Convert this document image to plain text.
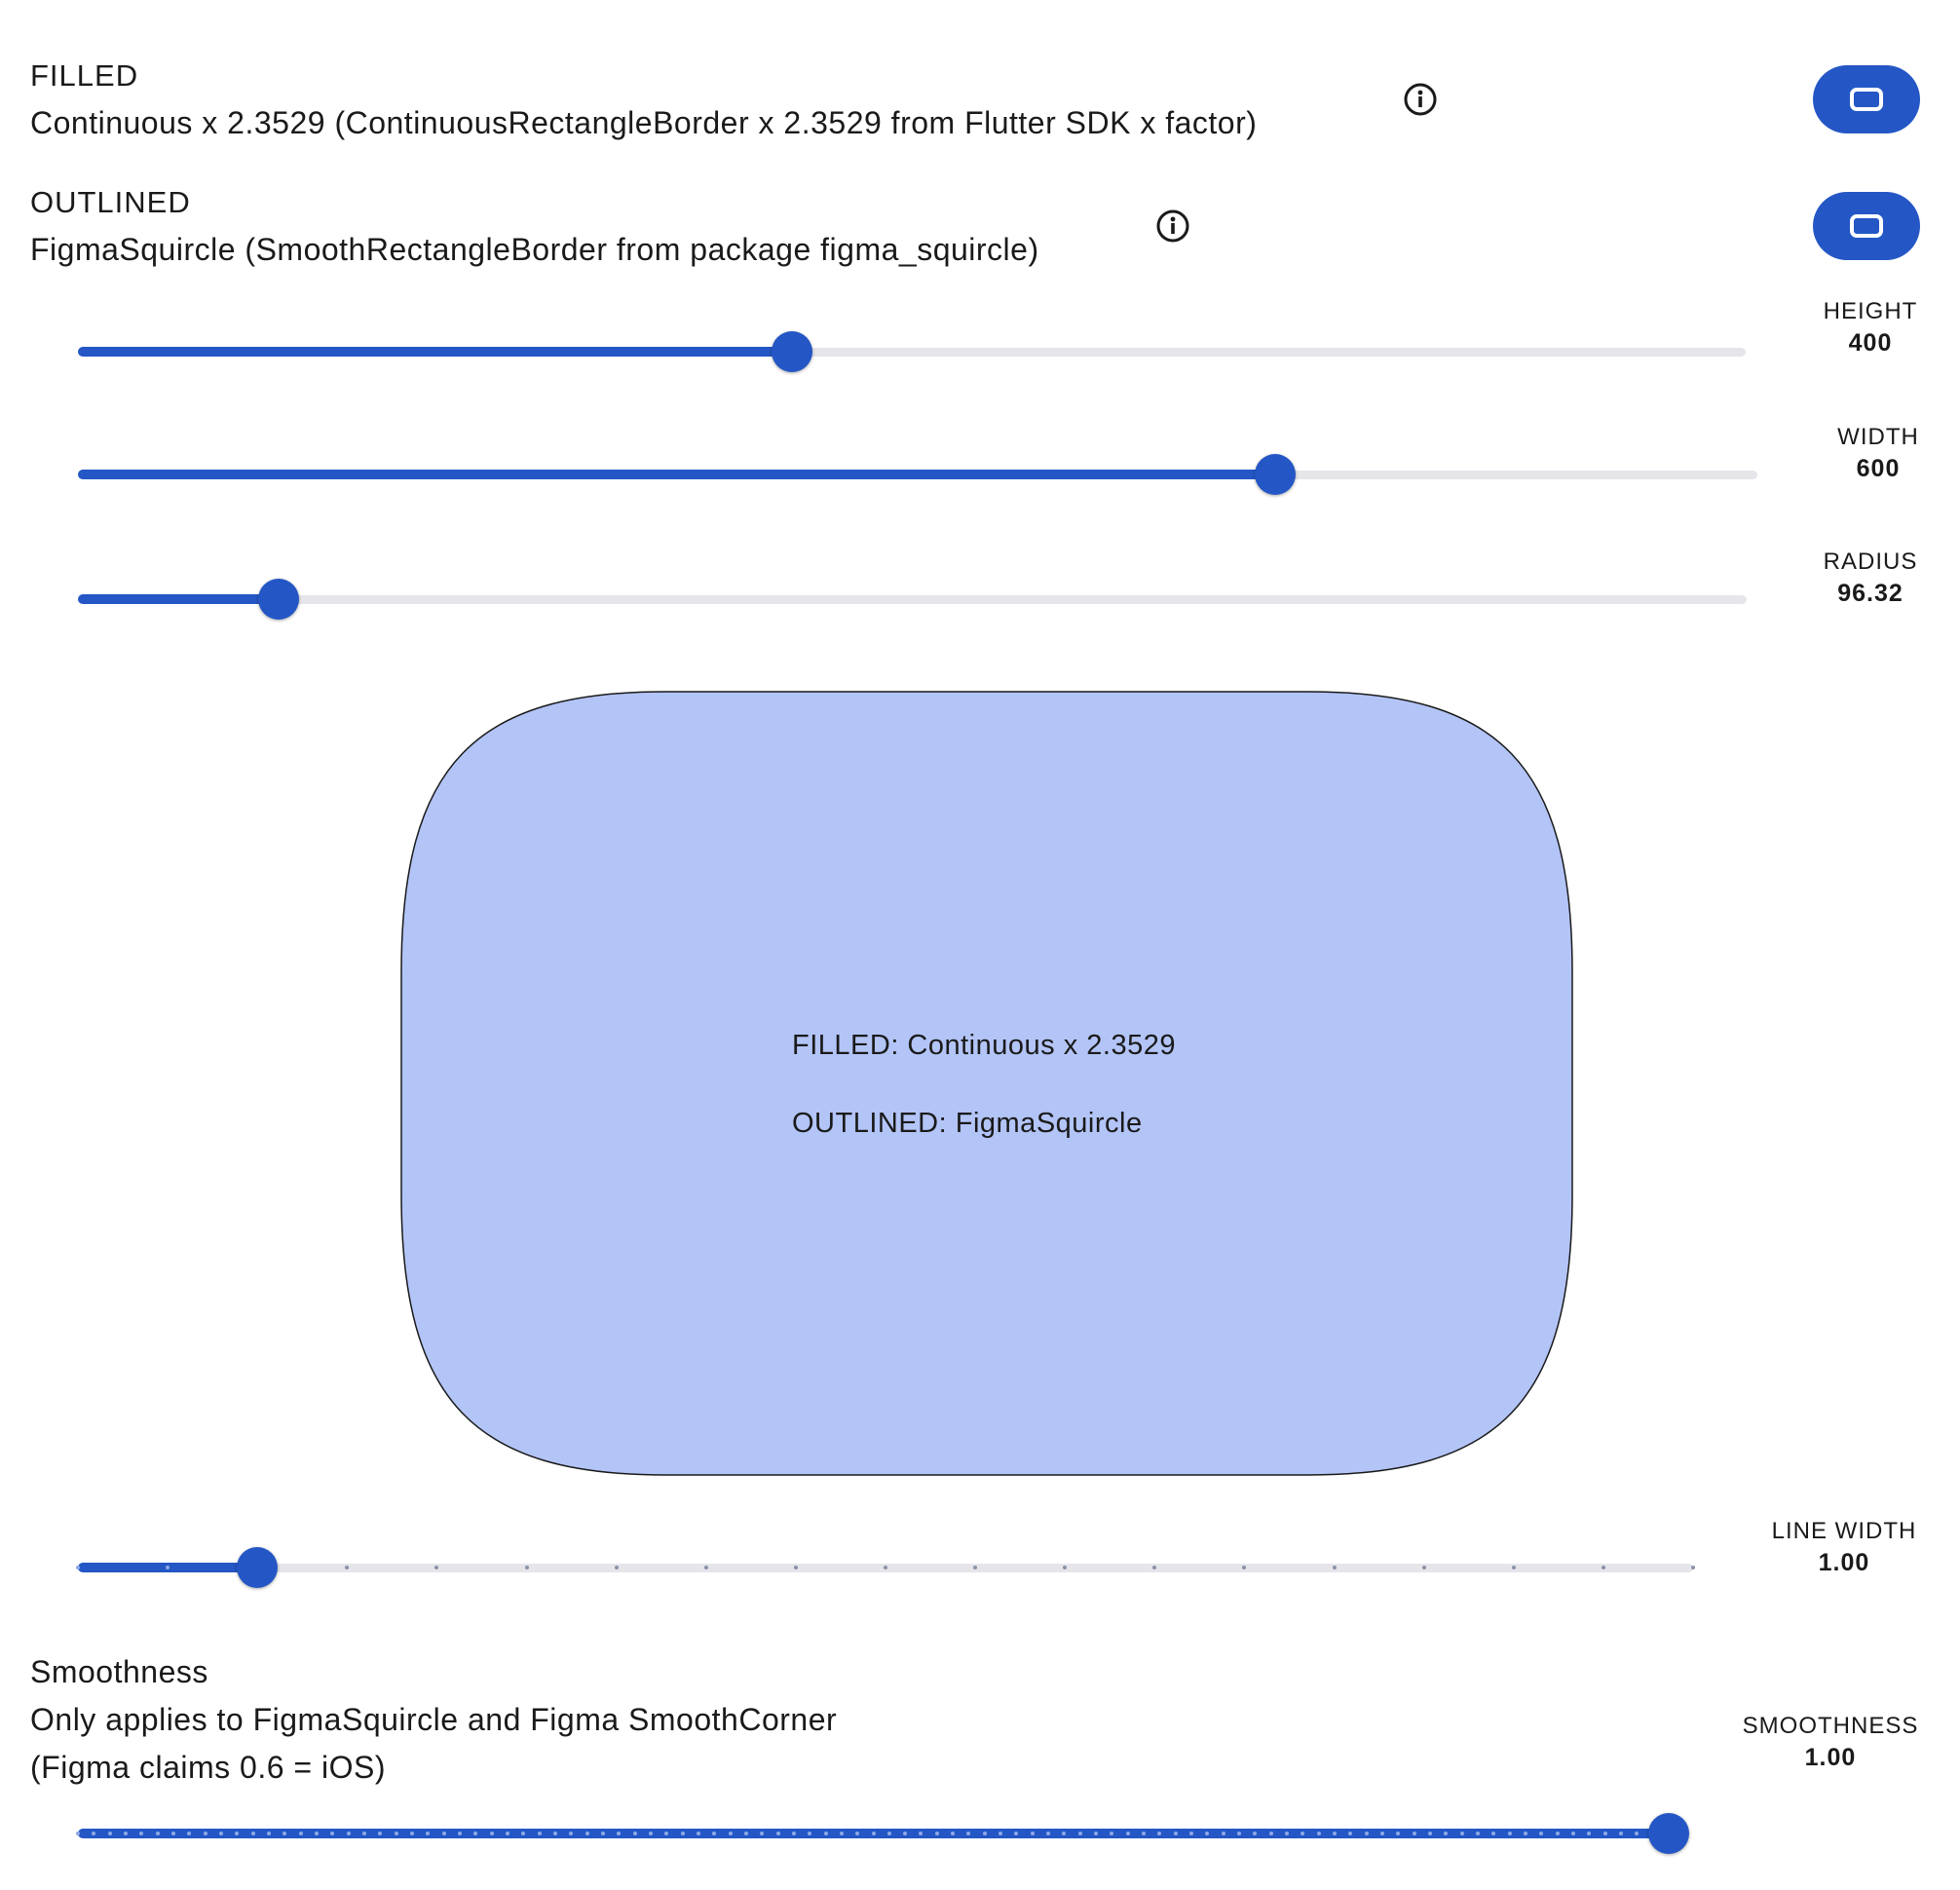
FILLED
Continuous x 2.3529 (ContinuousRectangleBorder x 2.3529 from Flutter SDK x factor)
OUTLINED
FigmaSquircle (SmoothRectangleBorder from package figma_squircle)
HEIGHT
400
WIDTH
600
RADIUS
96.32
FILLED: Continuous x 2.3529
OUTLINED: FigmaSquircle
LINE WIDTH
1.00
Smoothness
Only applies to FigmaSquircle and Figma SmoothCorner
(Figma claims 0.6 = iOS)
SMOOTHNESS
1.00
